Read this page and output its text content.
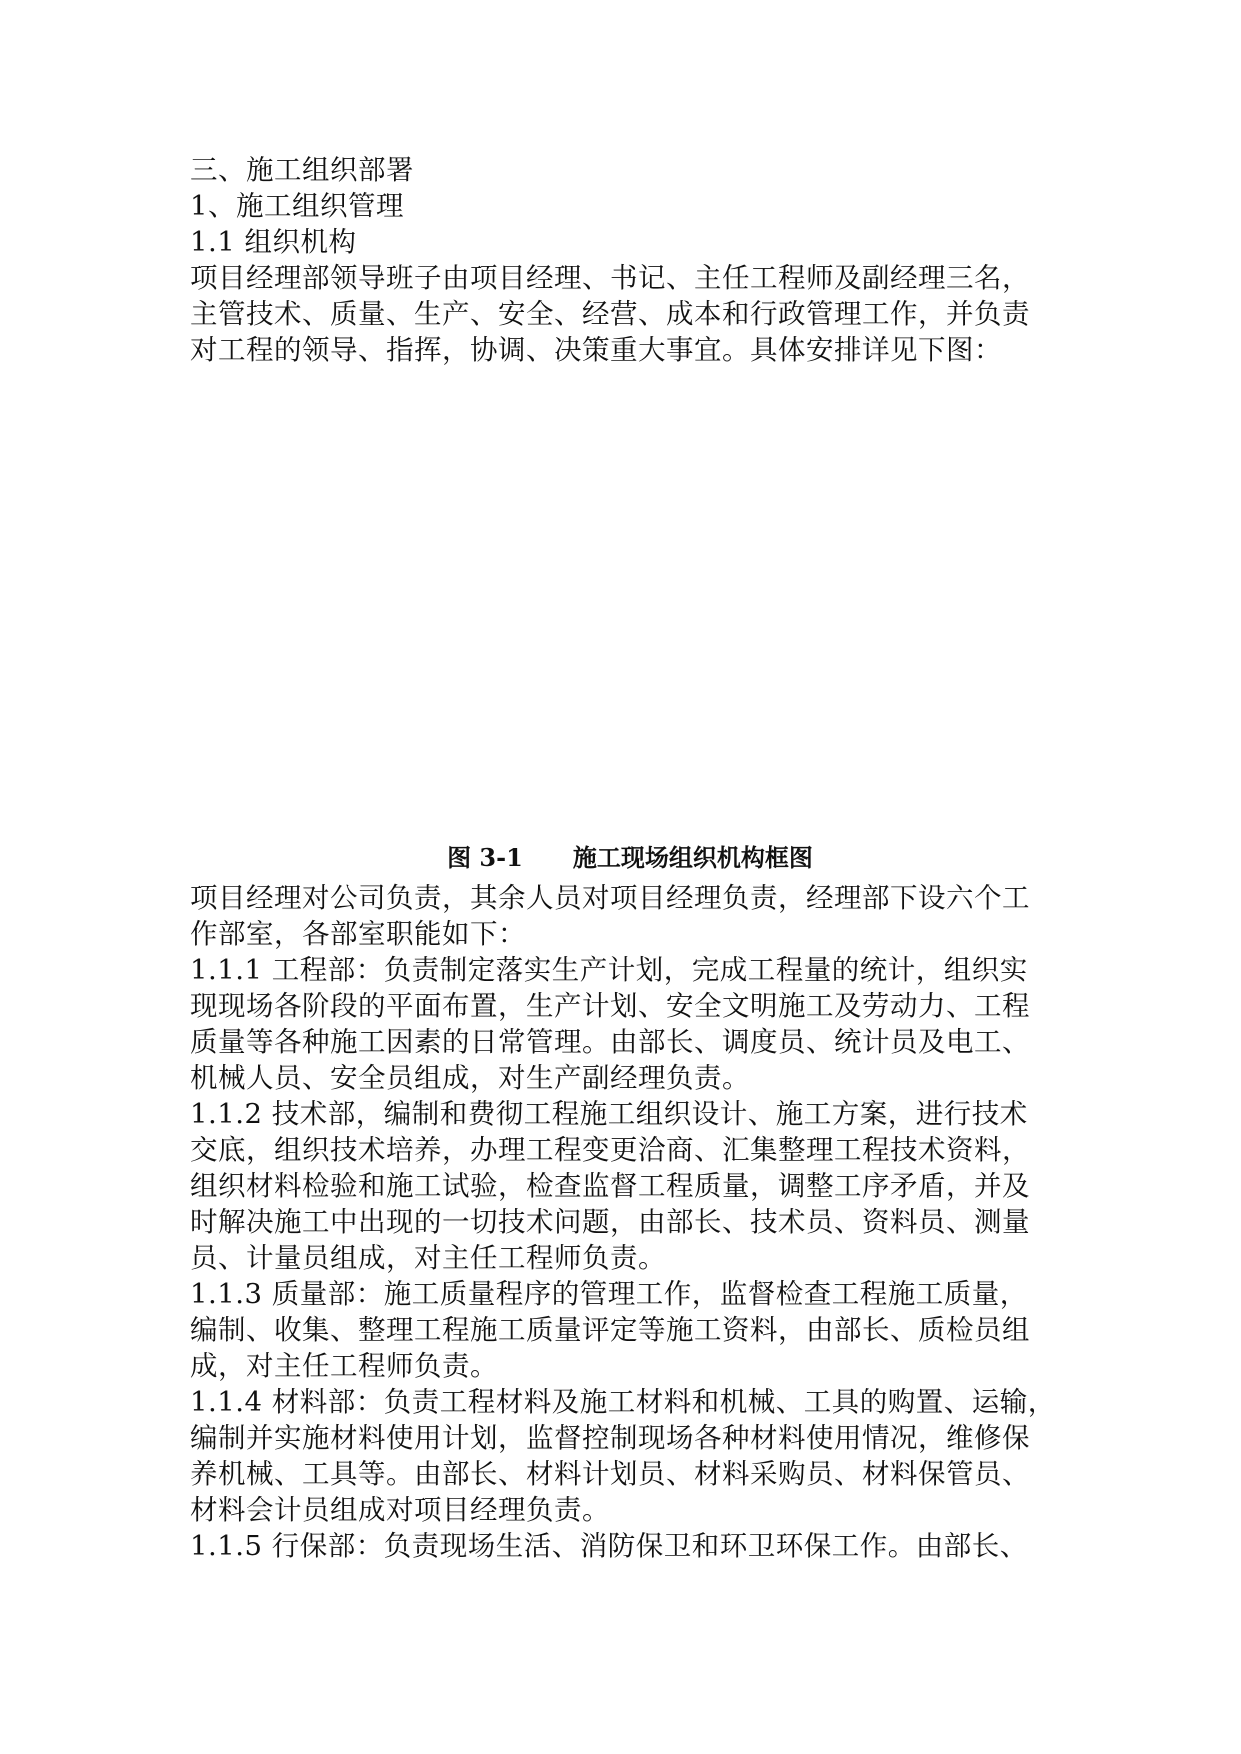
三、施工组织部署
1、施工组织管理
1.1 组织机构
项目经理部领导班子由项目经理、书记、主任工程师及副经理三名，
主管技术、质量、生产、安全、经营、成本和行政管理工作，并负责
对工程的领导、指挥，协调、决策重大事宜。具体安排详见下图：
图 3-1      施工现场组织机构框图
项目经理对公司负责，其余人员对项目经理负责，经理部下设六个工
作部室，各部室职能如下：
1.1.1 工程部：负责制定落实生产计划，完成工程量的统计，组织实
现现场各阶段的平面布置，生产计划、安全文明施工及劳动力、工程
质量等各种施工因素的日常管理。由部长、调度员、统计员及电工、
机械人员、安全员组成，对生产副经理负责。
1.1.2 技术部，编制和费彻工程施工组织设计、施工方案，进行技术
交底，组织技术培养，办理工程变更洽商、汇集整理工程技术资料，
组织材料检验和施工试验，检查监督工程质量，调整工序矛盾，并及
时解决施工中出现的一切技术问题，由部长、技术员、资料员、测量
员、计量员组成，对主任工程师负责。
1.1.3 质量部：施工质量程序的管理工作，监督检查工程施工质量，
编制、收集、整理工程施工质量评定等施工资料，由部长、质检员组
成，对主任工程师负责。
1.1.4 材料部：负责工程材料及施工材料和机械、工具的购置、运输，
编制并实施材料使用计划，监督控制现场各种材料使用情况，维修保
养机械、工具等。由部长、材料计划员、材料采购员、材料保管员、
材料会计员组成对项目经理负责。
1.1.5 行保部：负责现场生活、消防保卫和环卫环保工作。由部长、
